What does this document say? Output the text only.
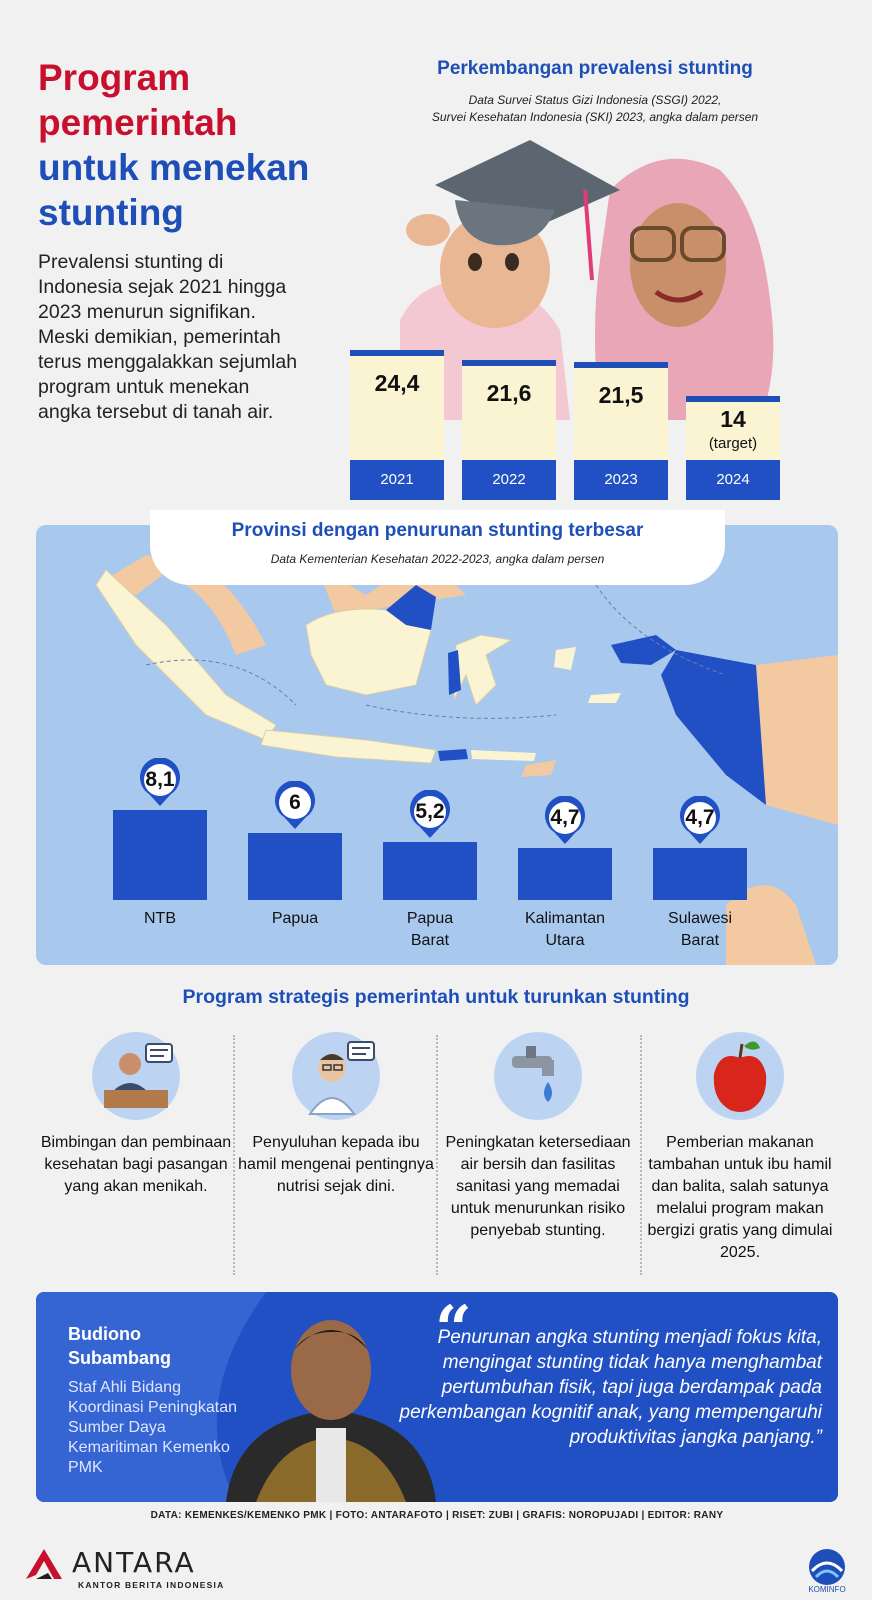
Program
pemerintah
untuk menekan
stunting

Prevalensi stunting di Indonesia sejak 2021 hingga 2023 menurun signifikan. Meski demikian, pemerintah terus menggalakkan sejumlah program untuk menekan angka tersebut di tanah air.

Perkembangan prevalensi stunting
Data Survei Status Gizi Indonesia (SSGI) 2022,
Survei Kesehatan Indonesia (SKI) 2023, angka dalam persen
24,4
2021
21,6
2022
21,5
2023
14
(target)
2024
Provinsi dengan penurunan stunting terbesar
Data Kementerian Kesehatan 2022-2023, angka dalam persen
8,1
NTB
6
Papua
5,2
Papua
Barat
4,7
Kalimantan
Utara
4,7
Sulawesi
Barat
Program strategis pemerintah untuk turunkan stunting
Bimbingan dan pembinaan kesehatan bagi pasangan yang akan menikah.
Penyuluhan kepada ibu hamil mengenai pentingnya nutrisi sejak dini.
Peningkatan ketersediaan air bersih dan fasilitas sanitasi yang memadai untuk menurunkan risiko penyebab stunting.
Pemberian makanan tambahan untuk ibu hamil dan balita, salah satunya melalui program makan bergizi gratis yang dimulai 2025.
Budiono
Subambang
Staf Ahli Bidang Koordinasi Peningkatan Sumber Daya Kemaritiman Kemenko PMK
“
Penurunan angka stunting menjadi fokus kita, mengingat stunting tidak hanya menghambat pertumbuhan fisik, tapi juga berdampak pada perkembangan kognitif anak, yang mempengaruhi produktivitas jangka panjang.”
DATA: KEMENKES/KEMENKO PMK | FOTO: ANTARAFOTO | RISET: ZUBI | GRAFIS: NOROPUJADI | EDITOR: RANY
ANTARA
KANTOR BERITA INDONESIA	KOMINFO
